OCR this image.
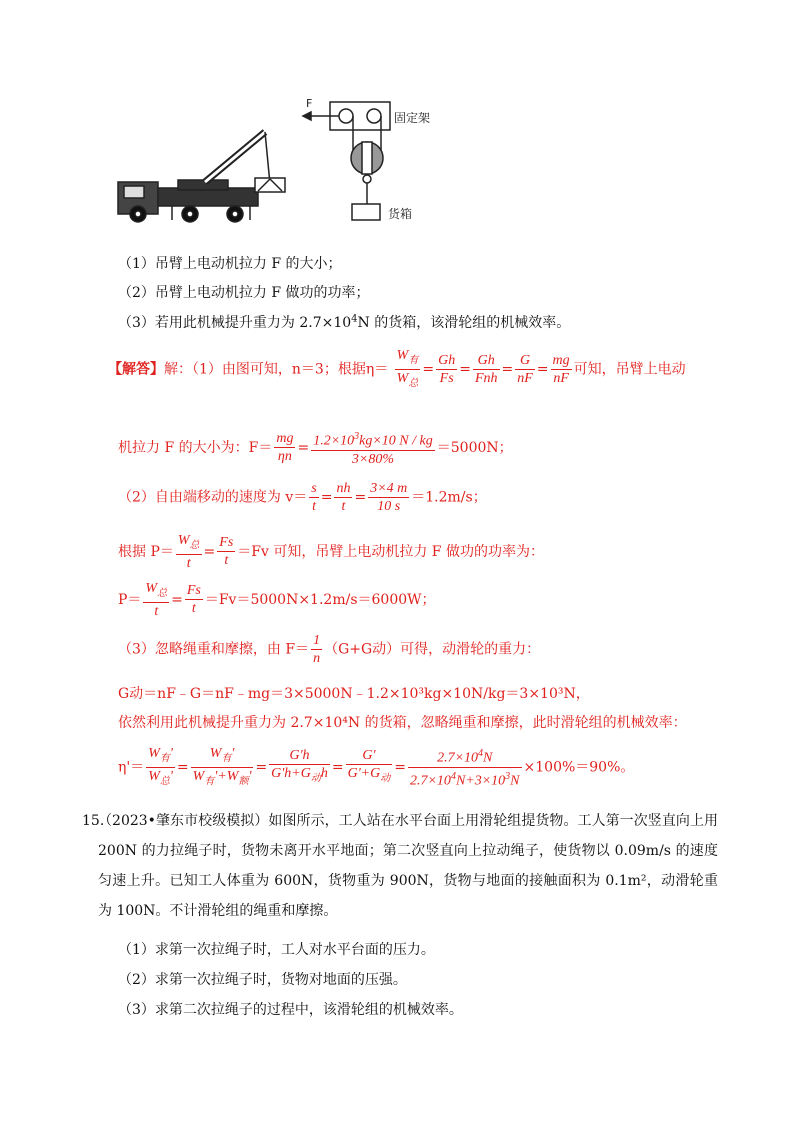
F
固定架
货箱
（1）吊臂上电动机拉力 F 的大小；
（2）吊臂上电动机拉力 F 做功的功率；
（3）若用此机械提升重力为 $2.7\times 10^4N$ 的货箱，该滑轮组的机械效率。
【解答】解：（1）由图可知，n＝3；根据$\eta= \frac{W_有}{W_总} = \frac{Gh}{Fs} = \frac{Gh}{\text{Fnh}} = \frac{G}{nF} = \frac{mg}{nF}$ 可知，吊臂上电动
机拉力 F 的大小为：$F= \frac{mg}{\eta n} = \frac{1.2\times 10^3kg\times 10 N / kg}{3\times 80\%} =5000N$；
（2）自由端移动的速度为 $v= \frac{s}{t} = \frac{nh}{t} = \frac{3\times 4 m}{10 s} =1.2m/s$；
根据 $P= \frac{W_总}{t} = \frac{Fs}{t} =Fv$ 可知，吊臂上电动机拉力 F 做功的功率为：
$P= \frac{W_总}{t} = \frac{Fs}{t} =Fv=5000N\times 1.2m/s=6000W$；
（3）忽略绳重和摩擦，由 $F= \frac{1}{n} (G+G$动）可得，动滑轮的重力：
G动＝nF﹣G＝nF﹣mg＝3×5000N﹣1.2×10³kg×10N/kg＝3×10³N，
依然利用此机械提升重力为 2.7×10⁴N 的货箱，忽略绳重和摩擦，此时滑轮组的机械效率：
$\eta'= \frac{W_有'}{W_总'} = \frac{W_有'}{W_有'+W_额'} = \frac{G'h}{G'h+G_动h} = \frac{G'}{G'+G_动} = \frac{2.7\times 10^4N}{2.7\times 10^4N+3\times 10^3N} \times 100\%=90\%$。
15.
（2023•肇东市校级模拟）如图所示，工人站在水平台面上用滑轮组提货物。工人第一次竖直向上用 200N 的力拉绳子时，货物未离开水平地面；第二次竖直向上拉动绳子，使货物以 0.09m/s 的速度匀速上升。已知工人体重为 600N，货物重为 900N，货物与地面的接触面积为 0.1m²，动滑轮重为 100N。不计滑轮组的绳重和摩擦。
（1）求第一次拉绳子时，工人对水平台面的压力。
（2）求第一次拉绳子时，货物对地面的压强。
（3）求第二次拉绳子的过程中，该滑轮组的机械效率。
